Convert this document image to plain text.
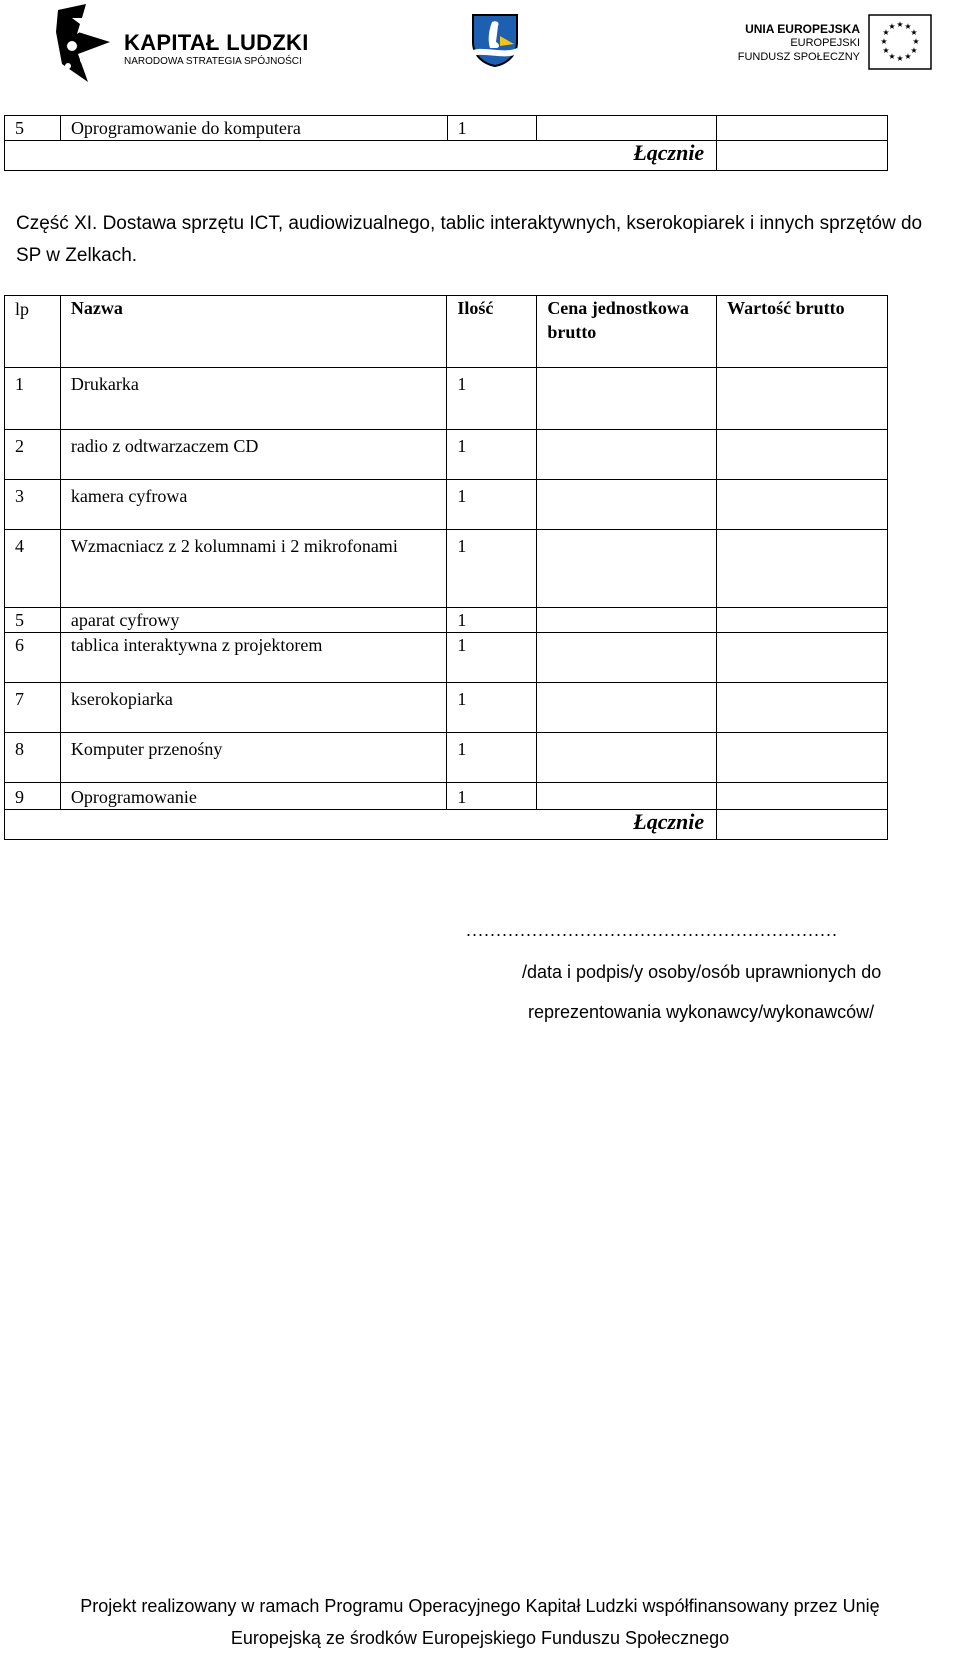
KAPITAŁ LUDZKI
NARODOWA STRATEGIA SPÓJNOŚCI
UNIA EUROPEJSKA
EUROPEJSKI
FUNDUSZ SPOŁECZNY
★ ★
★
★
★
★
★
★
★
★
★
★
5	Oprogramowanie do komputera	1		
Łącznie				
Część XI. Dostawa sprzętu ICT, audiowizualnego, tablic interaktywnych, kserokopiarek i innych sprzętów do SP w Zelkach.
lp	Nazwa	Ilość	Cena jednostkowa brutto	Wartość brutto
1	Drukarka	1		
2	radio z odtwarzaczem CD	1		
3	kamera cyfrowa	1		
4	Wzmacniacz z 2 kolumnami i 2 mikrofonami	1		
5	aparat cyfrowy	1		
6	tablica interaktywna z projektorem	1		
7	kserokopiarka	1		
8	Komputer przenośny	1		
9	Oprogramowanie	1		
Łącznie				
..............................................................
/data i podpis/y osoby/osób uprawnionych do
reprezentowania wykonawcy/wykonawców/
Projekt realizowany w ramach Programu Operacyjnego Kapitał Ludzki współfinansowany przez Unię
Europejską ze środków Europejskiego Funduszu Społecznego
